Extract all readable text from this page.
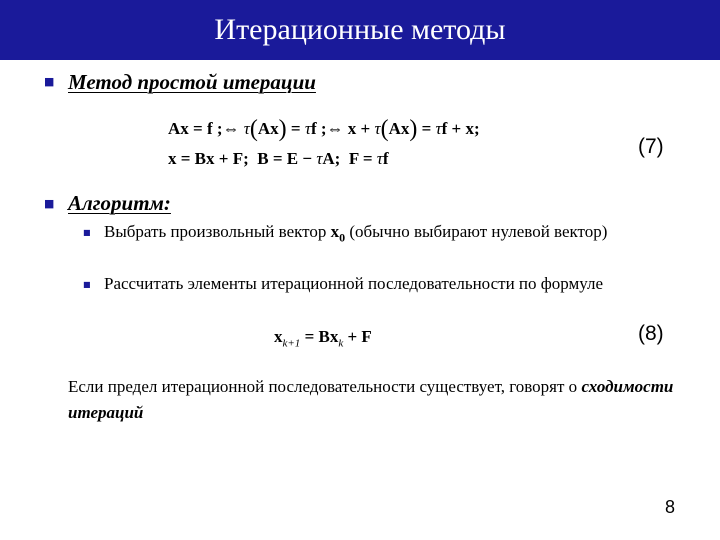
Итерационные методы
■ Метод простой итерации
Ax = f ;⇔ τ(Ax) = τf ;⇔ x + τ(Ax) = τf + x;
x = Bx + F;  B = E − τA;  F = τf
(7)
■ Алгоритм:
■ Выбрать произвольный вектор $x_0$ (обычно выбирают нулевой вектор)
■ Рассчитать элементы итерационной последовательности по формуле
$x_{k+1} = Bx_k + F$	(8)
Если предел итерационной последовательности существует, говорят о сходимости итераций
8
